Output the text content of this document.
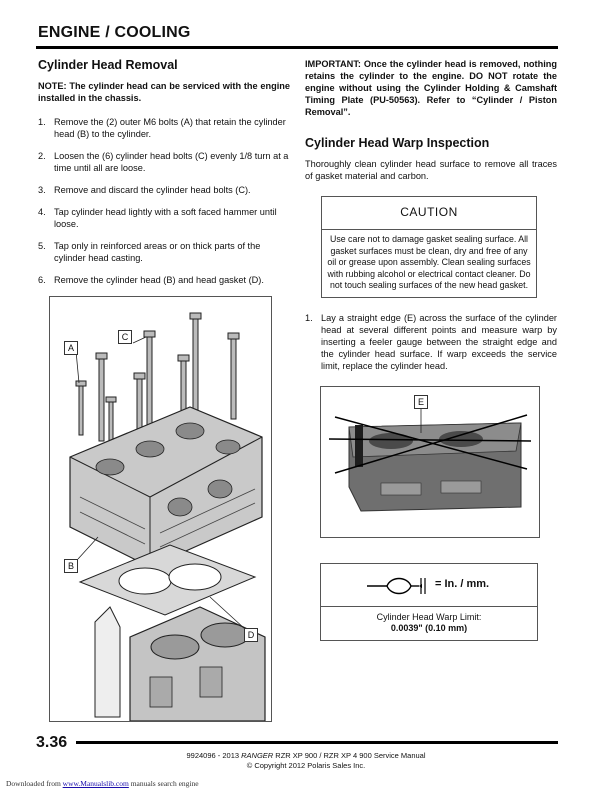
ENGINE / COOLING
Cylinder Head Removal

NOTE: The cylinder head can be serviced with the engine installed in the chassis.

1. Remove the (2) outer M6 bolts (A) that retain the cylinder head (B) to the cylinder.
2. Loosen the (6) cylinder head bolts (C) evenly 1/8 turn at a time until all are loose.
3. Remove and discard the cylinder head bolts (C).
4. Tap cylinder head lightly with a soft faced hammer until loose.
5. Tap only in reinforced areas or on thick parts of the cylinder head casting.
6. Remove the cylinder head (B) and head gasket (D).
A
C
B
D

IMPORTANT: Once the cylinder head is removed, nothing retains the cylinder to the engine. DO NOT rotate the engine without using the Cylinder Holding & Camshaft Timing Plate (PU-50563). Refer to “Cylinder / Piston Removal”.

Cylinder Head Warp Inspection

Thoroughly clean cylinder head surface to remove all traces of gasket material and carbon.

CAUTION
Use care not to damage gasket sealing surface. All gasket surfaces must be clean, dry and free of any oil or grease upon assembly. Clean sealing surfaces with rubbing alcohol or electrical contact cleaner. Do not touch sealing surfaces of the new head gasket.
1. Lay a straight edge (E) across the surface of the cylinder head at several different points and measure warp by inserting a feeler gauge between the straight edge and the cylinder head surface. If warp exceeds the service limit, replace the cylinder head.
E
= In. / mm.
Cylinder Head Warp Limit:
0.0039" (0.10 mm)
3.36
9924096 - 2013 RANGER RZR XP 900 / RZR XP 4 900 Service Manual
© Copyright 2012 Polaris Sales Inc.
Downloaded from www.Manualslib.com manuals search engine
